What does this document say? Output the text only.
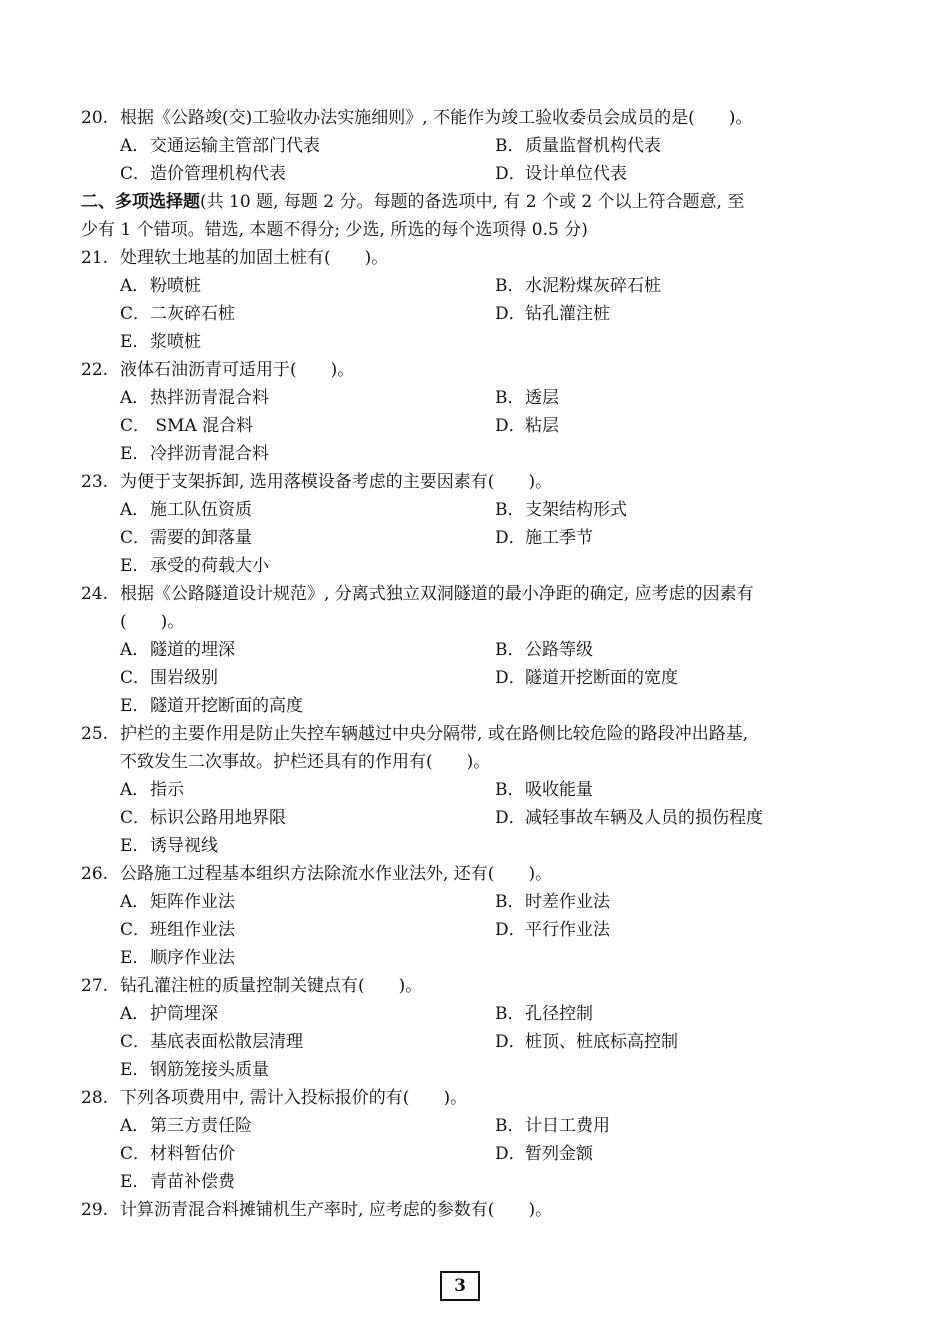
20. 根据《公路竣(交)工验收办法实施细则》, 不能作为竣工验收委员会成员的是(　　)。
A．交通运输主管部门代表	B．质量监督机构代表
C．造价管理机构代表	D．设计单位代表
二、多项选择题(共 10 题, 每题 2 分。每题的备选项中, 有 2 个或 2 个以上符合题意, 至
少有 1 个错项。错选, 本题不得分; 少选, 所选的每个选项得 0.5 分)
21. 处理软土地基的加固土桩有(　　)。
A．粉喷桩	B．水泥粉煤灰碎石桩
C．二灰碎石桩	D．钻孔灌注桩
E．浆喷桩
22. 液体石油沥青可适用于(　　)。
A．热拌沥青混合料	B．透层
C． SMA 混合料	D．粘层
E．冷拌沥青混合料
23. 为便于支架拆卸, 选用落模设备考虑的主要因素有(　　)。
A．施工队伍资质	B．支架结构形式
C．需要的卸落量	D．施工季节
E．承受的荷载大小
24. 根据《公路隧道设计规范》, 分离式独立双洞隧道的最小净距的确定, 应考虑的因素有
(　　)。
A．隧道的埋深	B．公路等级
C．围岩级别	D．隧道开挖断面的宽度
E．隧道开挖断面的高度
25. 护栏的主要作用是防止失控车辆越过中央分隔带, 或在路侧比较危险的路段冲出路基,
不致发生二次事故。护栏还具有的作用有(　　)。
A．指示	B．吸收能量
C．标识公路用地界限	D．减轻事故车辆及人员的损伤程度
E．诱导视线
26. 公路施工过程基本组织方法除流水作业法外, 还有(　　)。
A．矩阵作业法	B．时差作业法
C．班组作业法	D．平行作业法
E．顺序作业法
27. 钻孔灌注桩的质量控制关键点有(　　)。
A．护筒埋深	B．孔径控制
C．基底表面松散层清理	D．桩顶、桩底标高控制
E．钢筋笼接头质量
28. 下列各项费用中, 需计入投标报价的有(　　)。
A．第三方责任险	B．计日工费用
C．材料暂估价	D．暂列金额
E．青苗补偿费
29. 计算沥青混合料摊铺机生产率时, 应考虑的参数有(　　)。
3
